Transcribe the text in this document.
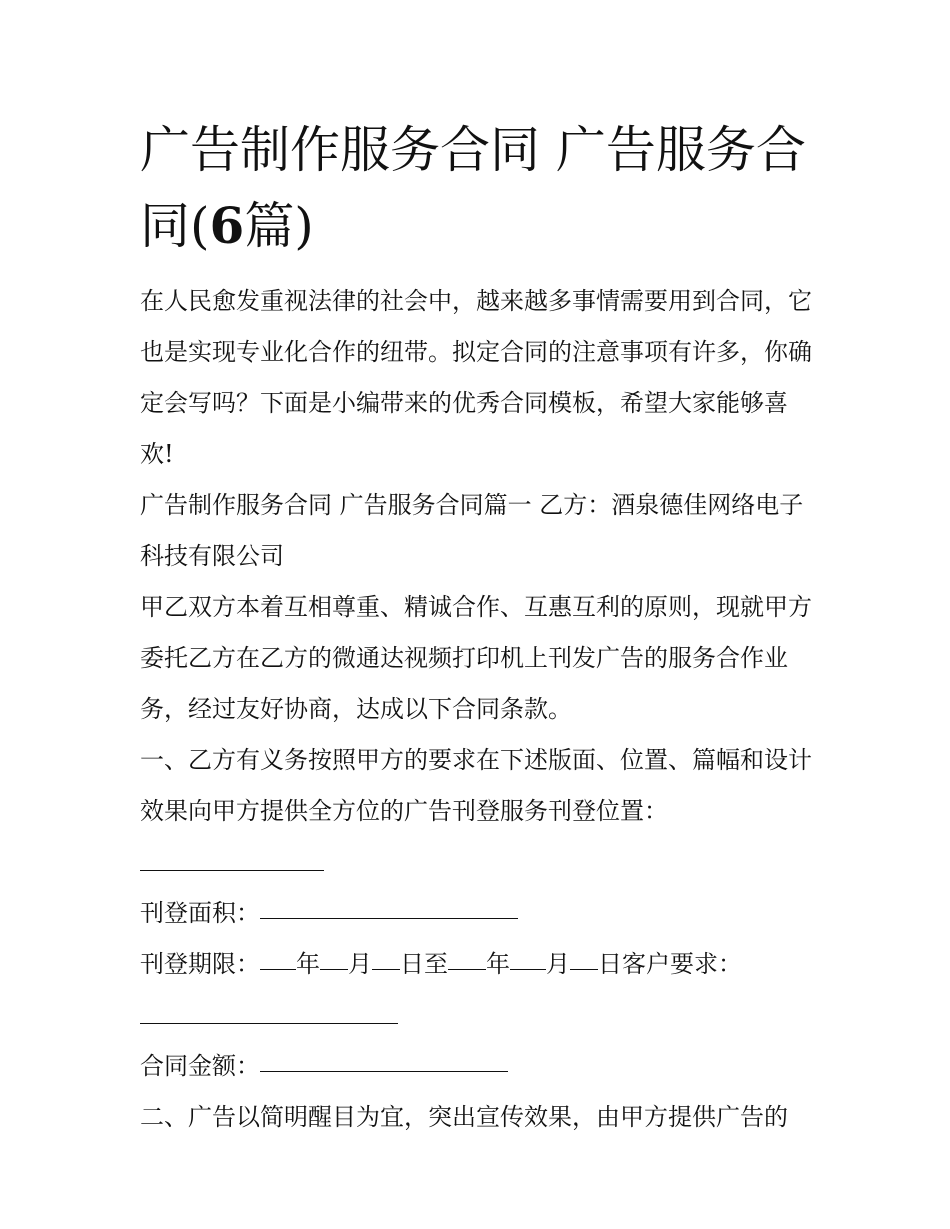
广告制作服务合同 广告服务合同(6篇)

在人民愈发重视法律的社会中，越来越多事情需要用到合同，它也是实现专业化合作的纽带。拟定合同的注意事项有许多，你确定会写吗？下面是小编带来的优秀合同模板，希望大家能够喜欢!

广告制作服务合同 广告服务合同篇一 乙方：酒泉德佳网络电子科技有限公司

甲乙双方本着互相尊重、精诚合作、互惠互利的原则，现就甲方委托乙方在乙方的微通达视频打印机上刊发广告的服务合作业务，经过友好协商，达成以下合同条款。

一、乙方有义务按照甲方的要求在下述版面、位置、篇幅和设计效果向甲方提供全方位的广告刊登服务刊登位置：

刊登面积：

刊登期限： 年 月 日至 年 月 日客户要求：

合同金额：

二、广告以简明醒目为宜，突出宣传效果，由甲方提供广告的
